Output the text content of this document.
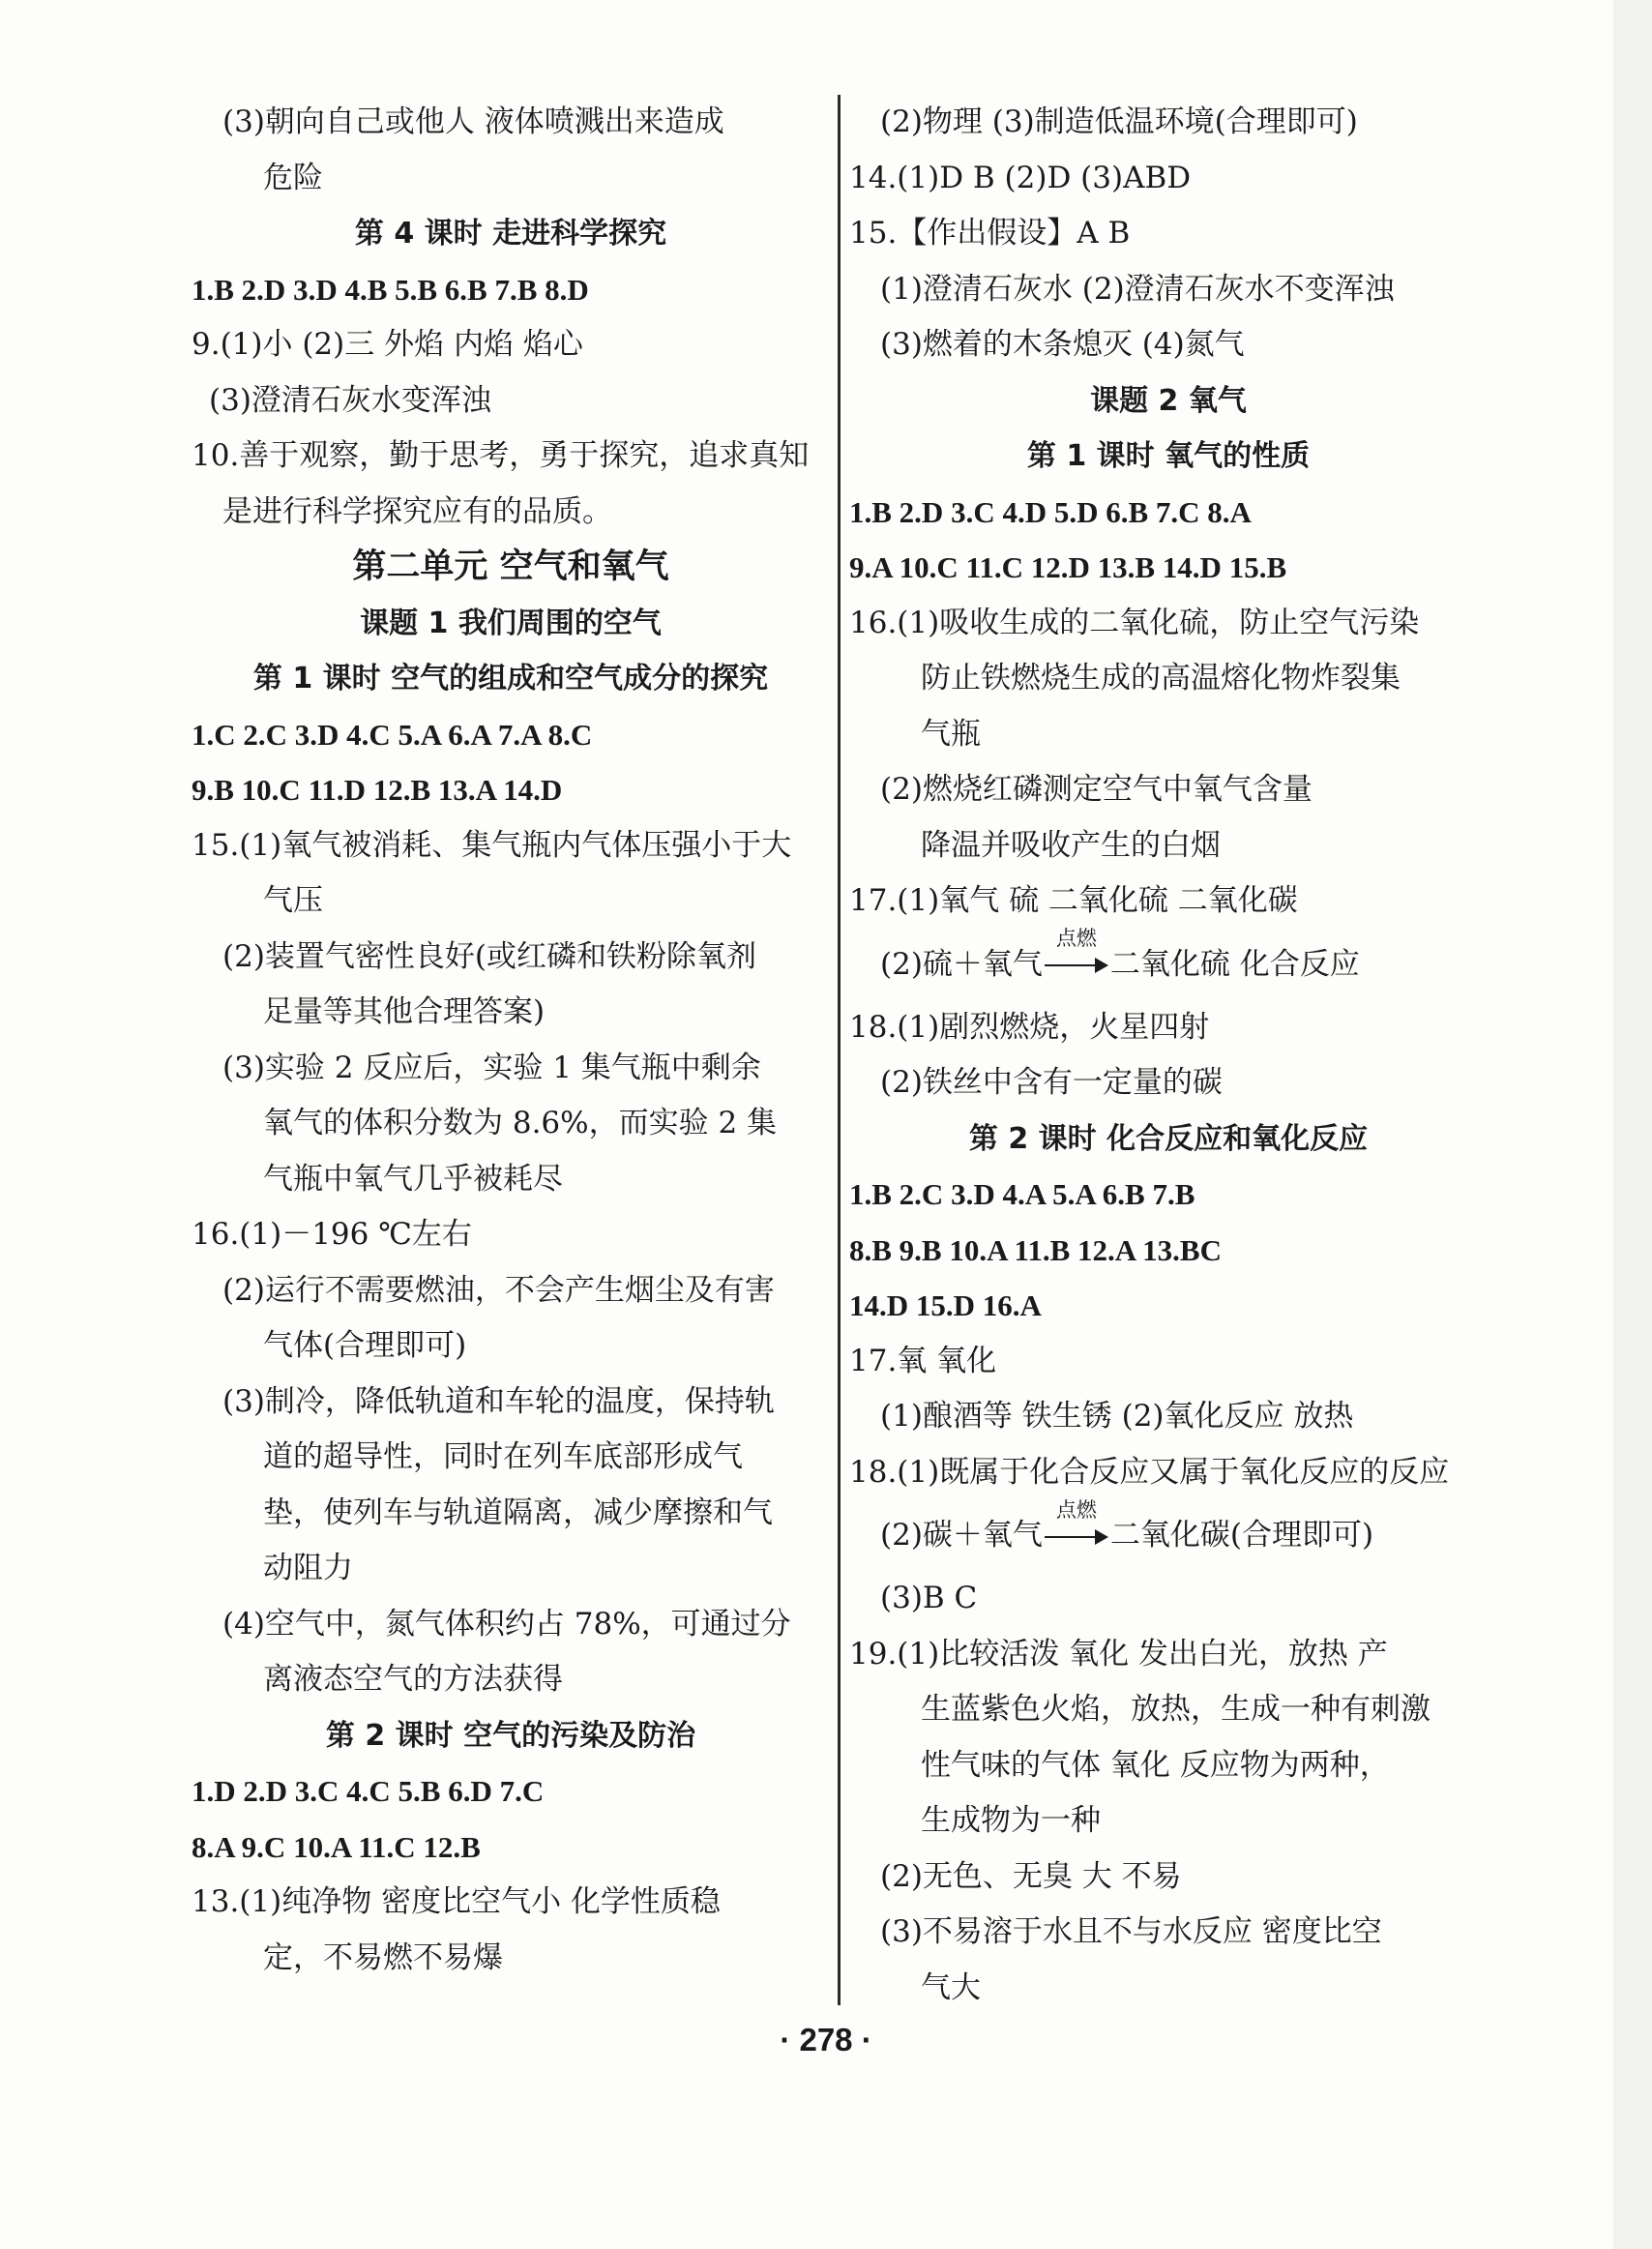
(3)朝向自己或他人 液体喷溅出来造成
危险
第 4 课时 走进科学探究
1.B 2.D 3.D 4.B 5.B 6.B 7.B 8.D
9.(1)小 (2)三 外焰 内焰 焰心
(3)澄清石灰水变浑浊
10.善于观察，勤于思考，勇于探究，追求真知
是进行科学探究应有的品质。
第二单元 空气和氧气
课题 1 我们周围的空气
第 1 课时 空气的组成和空气成分的探究
1.C 2.C 3.D 4.C 5.A 6.A 7.A 8.C
9.B 10.C 11.D 12.B 13.A 14.D
15.(1)氧气被消耗、集气瓶内气体压强小于大
气压
(2)装置气密性良好(或红磷和铁粉除氧剂
足量等其他合理答案)
(3)实验 2 反应后，实验 1 集气瓶中剩余
氧气的体积分数为 8.6%，而实验 2 集
气瓶中氧气几乎被耗尽
16.(1)－196 ℃左右
(2)运行不需要燃油，不会产生烟尘及有害
气体(合理即可)
(3)制冷，降低轨道和车轮的温度，保持轨
道的超导性，同时在列车底部形成气
垫，使列车与轨道隔离，减少摩擦和气
动阻力
(4)空气中，氮气体积约占 78%，可通过分
离液态空气的方法获得
第 2 课时 空气的污染及防治
1.D 2.D 3.C 4.C 5.B 6.D 7.C
8.A 9.C 10.A 11.C 12.B
13.(1)纯净物 密度比空气小 化学性质稳
定，不易燃不易爆
(2)物理 (3)制造低温环境(合理即可)
14.(1)D B (2)D (3)ABD
15.【作出假设】A B
(1)澄清石灰水 (2)澄清石灰水不变浑浊
(3)燃着的木条熄灭 (4)氮气
课题 2 氧气
第 1 课时 氧气的性质
1.B 2.D 3.C 4.D 5.D 6.B 7.C 8.A
9.A 10.C 11.C 12.D 13.B 14.D 15.B
16.(1)吸收生成的二氧化硫，防止空气污染
防止铁燃烧生成的高温熔化物炸裂集
气瓶
(2)燃烧红磷测定空气中氧气含量
降温并吸收产生的白烟
17.(1)氧气 硫 二氧化硫 二氧化碳
(2)硫＋氧气
点燃
二氧化硫 化合反应
18.(1)剧烈燃烧，火星四射
(2)铁丝中含有一定量的碳
第 2 课时 化合反应和氧化反应
1.B 2.C 3.D 4.A 5.A 6.B 7.B
8.B 9.B 10.A 11.B 12.A 13.BC
14.D 15.D 16.A
17.氧 氧化
(1)酿酒等 铁生锈 (2)氧化反应 放热
18.(1)既属于化合反应又属于氧化反应的反应
(2)碳＋氧气
点燃
二氧化碳(合理即可)
(3)B C
19.(1)比较活泼 氧化 发出白光，放热 产
生蓝紫色火焰，放热，生成一种有刺激
性气味的气体 氧化 反应物为两种，
生成物为一种
(2)无色、无臭 大 不易
(3)不易溶于水且不与水反应 密度比空
气大
· 278 ·
